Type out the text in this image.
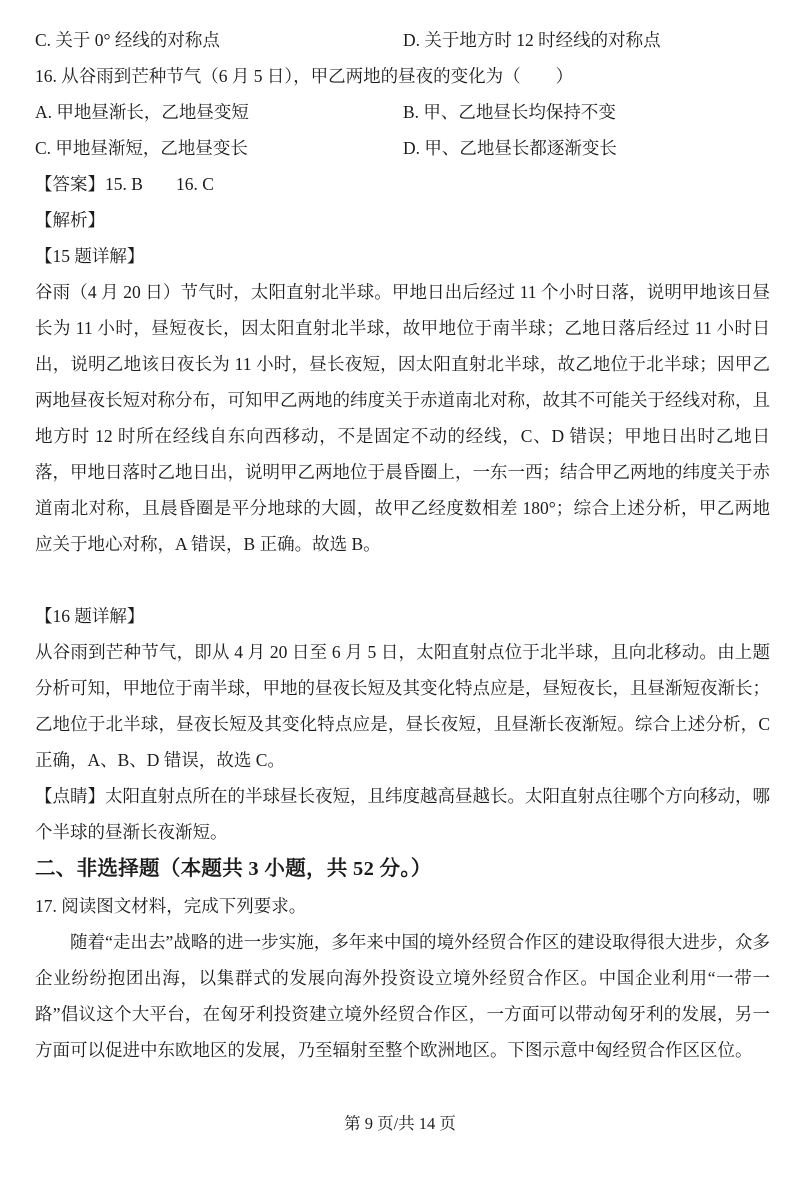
C. 关于 0° 经线的对称点	D. 关于地方时 12 时经线的对称点
16. 从谷雨到芒种节气（6 月 5 日），甲乙两地的昼夜的变化为（　　）
A. 甲地昼渐长，乙地昼变短	B. 甲、乙地昼长均保持不变
C. 甲地昼渐短，乙地昼变长	D. 甲、乙地昼长都逐渐变长
【答案】15. B 16. C
【解析】
【15 题详解】

谷雨（4 月 20 日）节气时，太阳直射北半球。甲地日出后经过 11 个小时日落，说明甲地该日昼长为 11 小时，昼短夜长，因太阳直射北半球，故甲地位于南半球；乙地日落后经过 11 小时日出，说明乙地该日夜长为 11 小时，昼长夜短，因太阳直射北半球，故乙地位于北半球；因甲乙两地昼夜长短对称分布，可知甲乙两地的纬度关于赤道南北对称，故其不可能关于经线对称，且地方时 12 时所在经线自东向西移动，不是固定不动的经线，C、D 错误；甲地日出时乙地日落，甲地日落时乙地日出，说明甲乙两地位于晨昏圈上，一东一西；结合甲乙两地的纬度关于赤道南北对称，且晨昏圈是平分地球的大圆，故甲乙经度数相差 180°；综合上述分析，甲乙两地应关于地心对称，A 错误，B 正确。故选 B。

【16 题详解】

从谷雨到芒种节气，即从 4 月 20 日至 6 月 5 日，太阳直射点位于北半球，且向北移动。由上题分析可知，甲地位于南半球，甲地的昼夜长短及其变化特点应是，昼短夜长，且昼渐短夜渐长；乙地位于北半球，昼夜长短及其变化特点应是，昼长夜短，且昼渐长夜渐短。综合上述分析，C 正确，A、B、D 错误，故选 C。

【点睛】太阳直射点所在的半球昼长夜短，且纬度越高昼越长。太阳直射点往哪个方向移动，哪个半球的昼渐长夜渐短。

二、非选择题（本题共 3 小题，共 52 分。）
17. 阅读图文材料，完成下列要求。

随着“走出去”战略的进一步实施，多年来中国的境外经贸合作区的建设取得很大进步，众多企业纷纷抱团出海，以集群式的发展向海外投资设立境外经贸合作区。中国企业利用“一带一路”倡议这个大平台，在匈牙利投资建立境外经贸合作区，一方面可以带动匈牙利的发展，另一方面可以促进中东欧地区的发展，乃至辐射至整个欧洲地区。下图示意中匈经贸合作区区位。

第 9 页/共 14 页
